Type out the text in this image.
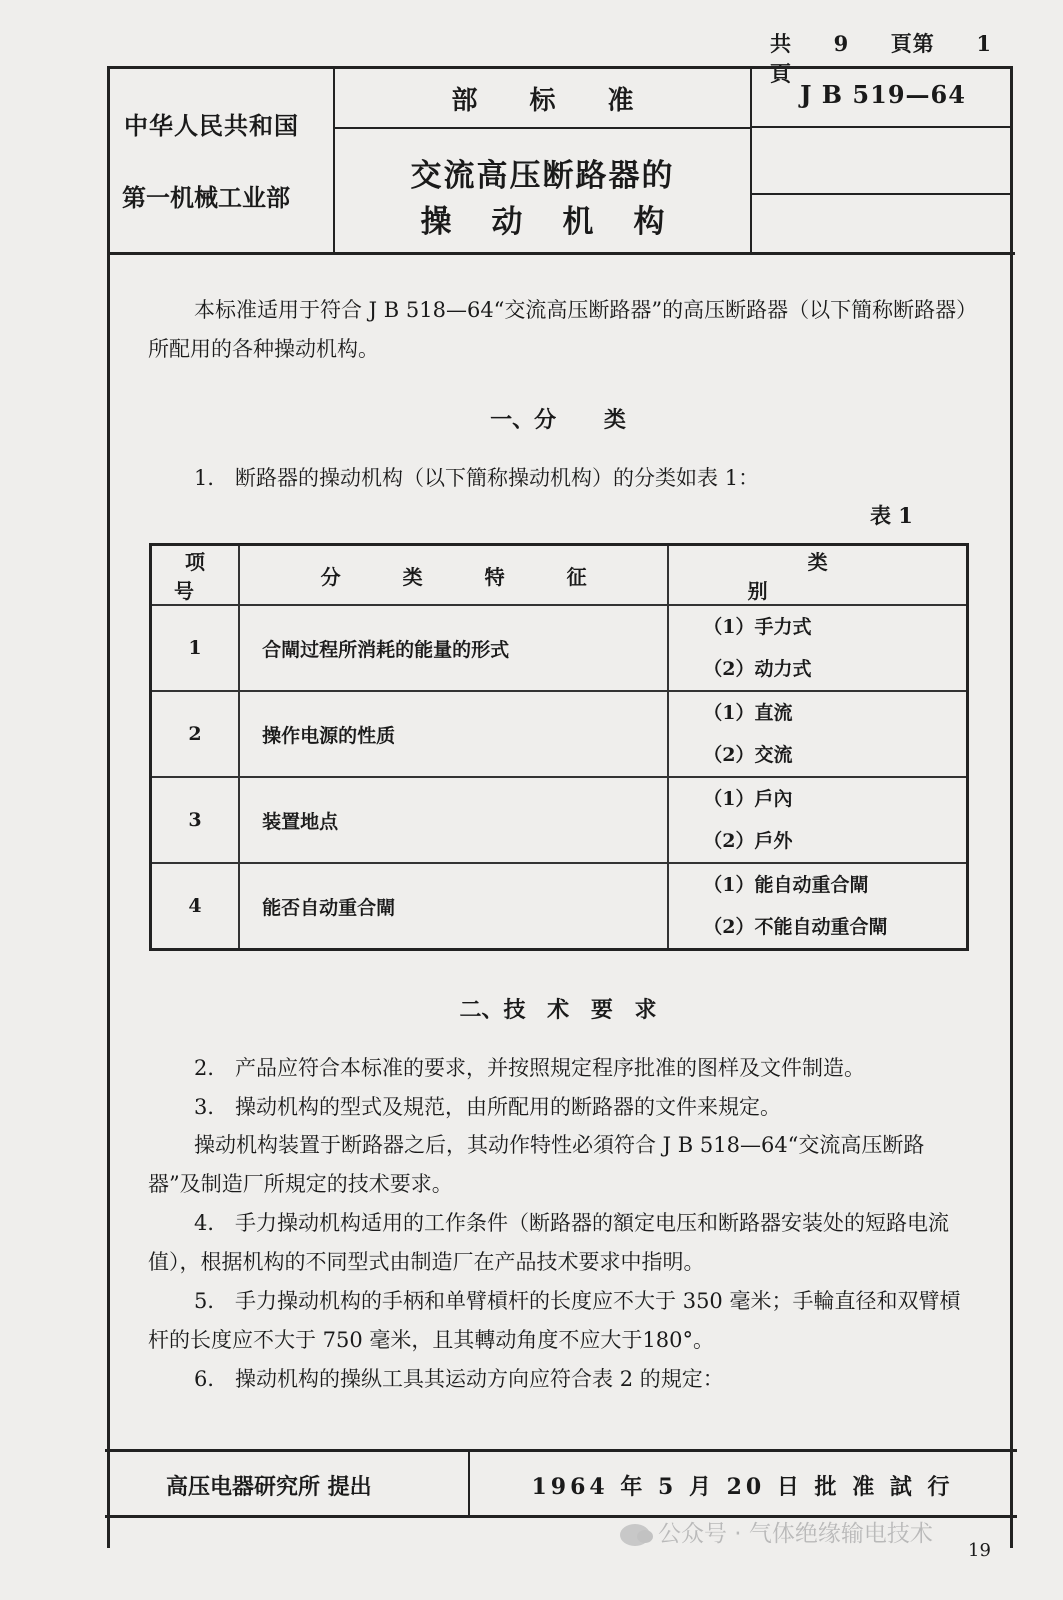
共 9 頁第 1      頁
中华人民共和国
第一机械工业部
部标准
交流高压断路器的
操动机构
J B 519—64
本标准适用于符合 J B 518—64“交流高压断路器”的高压断路器（以下簡称断路器）所配用的各种操动机构。
一、分 类
1． 断路器的操动机构（以下簡称操动机构）的分类如表 1：
表 1
项号	分类特征	类别
1	合閘过程所消耗的能量的形式	（1）手力式
（2）动力式

2	操作电源的性质	（1）直流
（2）交流

3	装置地点	（1）戶內
（2）戶外

4	能否自动重合閘	（1）能自动重合閘
（2）不能自动重合閘
二、技 术 要 求
2． 产品应符合本标准的要求，并按照規定程序批准的图样及文件制造。
3． 操动机构的型式及規范，由所配用的断路器的文件来規定。
操动机构装置于断路器之后，其动作特性必須符合 J B 518—64“交流高压断路器”及制造厂所規定的技术要求。
4． 手力操动机构适用的工作条件（断路器的額定电压和断路器安装处的短路电流值），根据机构的不同型式由制造厂在产品技术要求中指明。
5． 手力操动机构的手柄和单臂槓杆的长度应不大于 350 毫米；手輪直径和双臂槓杆的长度应不大于 750 毫米，且其轉动角度不应大于180°。
6． 操动机构的操纵工具其运动方向应符合表 2 的規定：
高压电器研究所 提出	1964 年 5 月 20 日 批 准 試 行
公众号 · 气体绝缘输电技术
19
